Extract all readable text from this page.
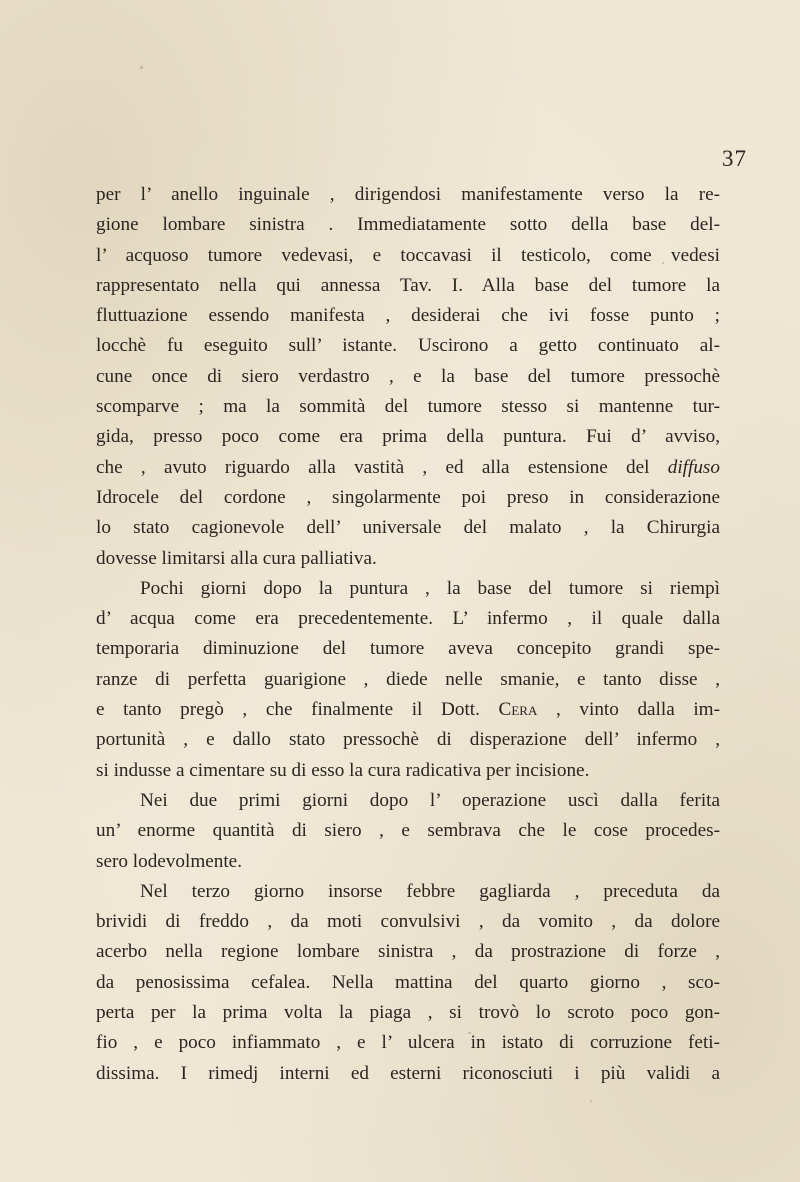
37
per l’ anello inguinale , dirigendosi manifestamente verso la re-
gione lombare sinistra . Immediatamente sotto della base del-
l’ acquoso tumore vedevasi, e toccavasi il testicolo, come vedesi
rappresentato nella qui annessa Tav. I. Alla base del tumore la
fluttuazione essendo manifesta , desiderai che ivi fosse punto ;
locchè fu eseguito sull’ istante. Uscirono a getto continuato al-
cune once di siero verdastro , e la base del tumore pressochè
scomparve ; ma la sommità del tumore stesso si mantenne tur-
gida, presso poco come era prima della puntura. Fui d’ avviso,
che , avuto riguardo alla vastità , ed alla estensione del diffuso
Idrocele del cordone , singolarmente poi preso in considerazione
lo stato cagionevole dell’ universale del malato , la Chirurgia
dovesse limitarsi alla cura palliativa.
Pochi giorni dopo la puntura , la base del tumore si riempì
d’ acqua come era precedentemente. L’ infermo , il quale dalla
temporaria diminuzione del tumore aveva concepito grandi spe-
ranze di perfetta guarigione , diede nelle smanie, e tanto disse ,
e tanto pregò , che finalmente il Dott. Cera , vinto dalla im-
portunità , e dallo stato pressochè di disperazione dell’ infermo ,
si indusse a cimentare su di esso la cura radicativa per incisione.
Nei due primi giorni dopo l’ operazione uscì dalla ferita
un’ enorme quantità di siero , e sembrava che le cose procedes-
sero lodevolmente.
Nel terzo giorno insorse febbre gagliarda , preceduta da
brividi di freddo , da moti convulsivi , da vomito , da dolore
acerbo nella regione lombare sinistra , da prostrazione di forze ,
da penosissima cefalea. Nella mattina del quarto giorno , sco-
perta per la prima volta la piaga , si trovò lo scroto poco gon-
fio , e poco infiammato , e l’ ulcera in istato di corruzione feti-
dissima. I rimedj interni ed esterni riconosciuti i più validi a
